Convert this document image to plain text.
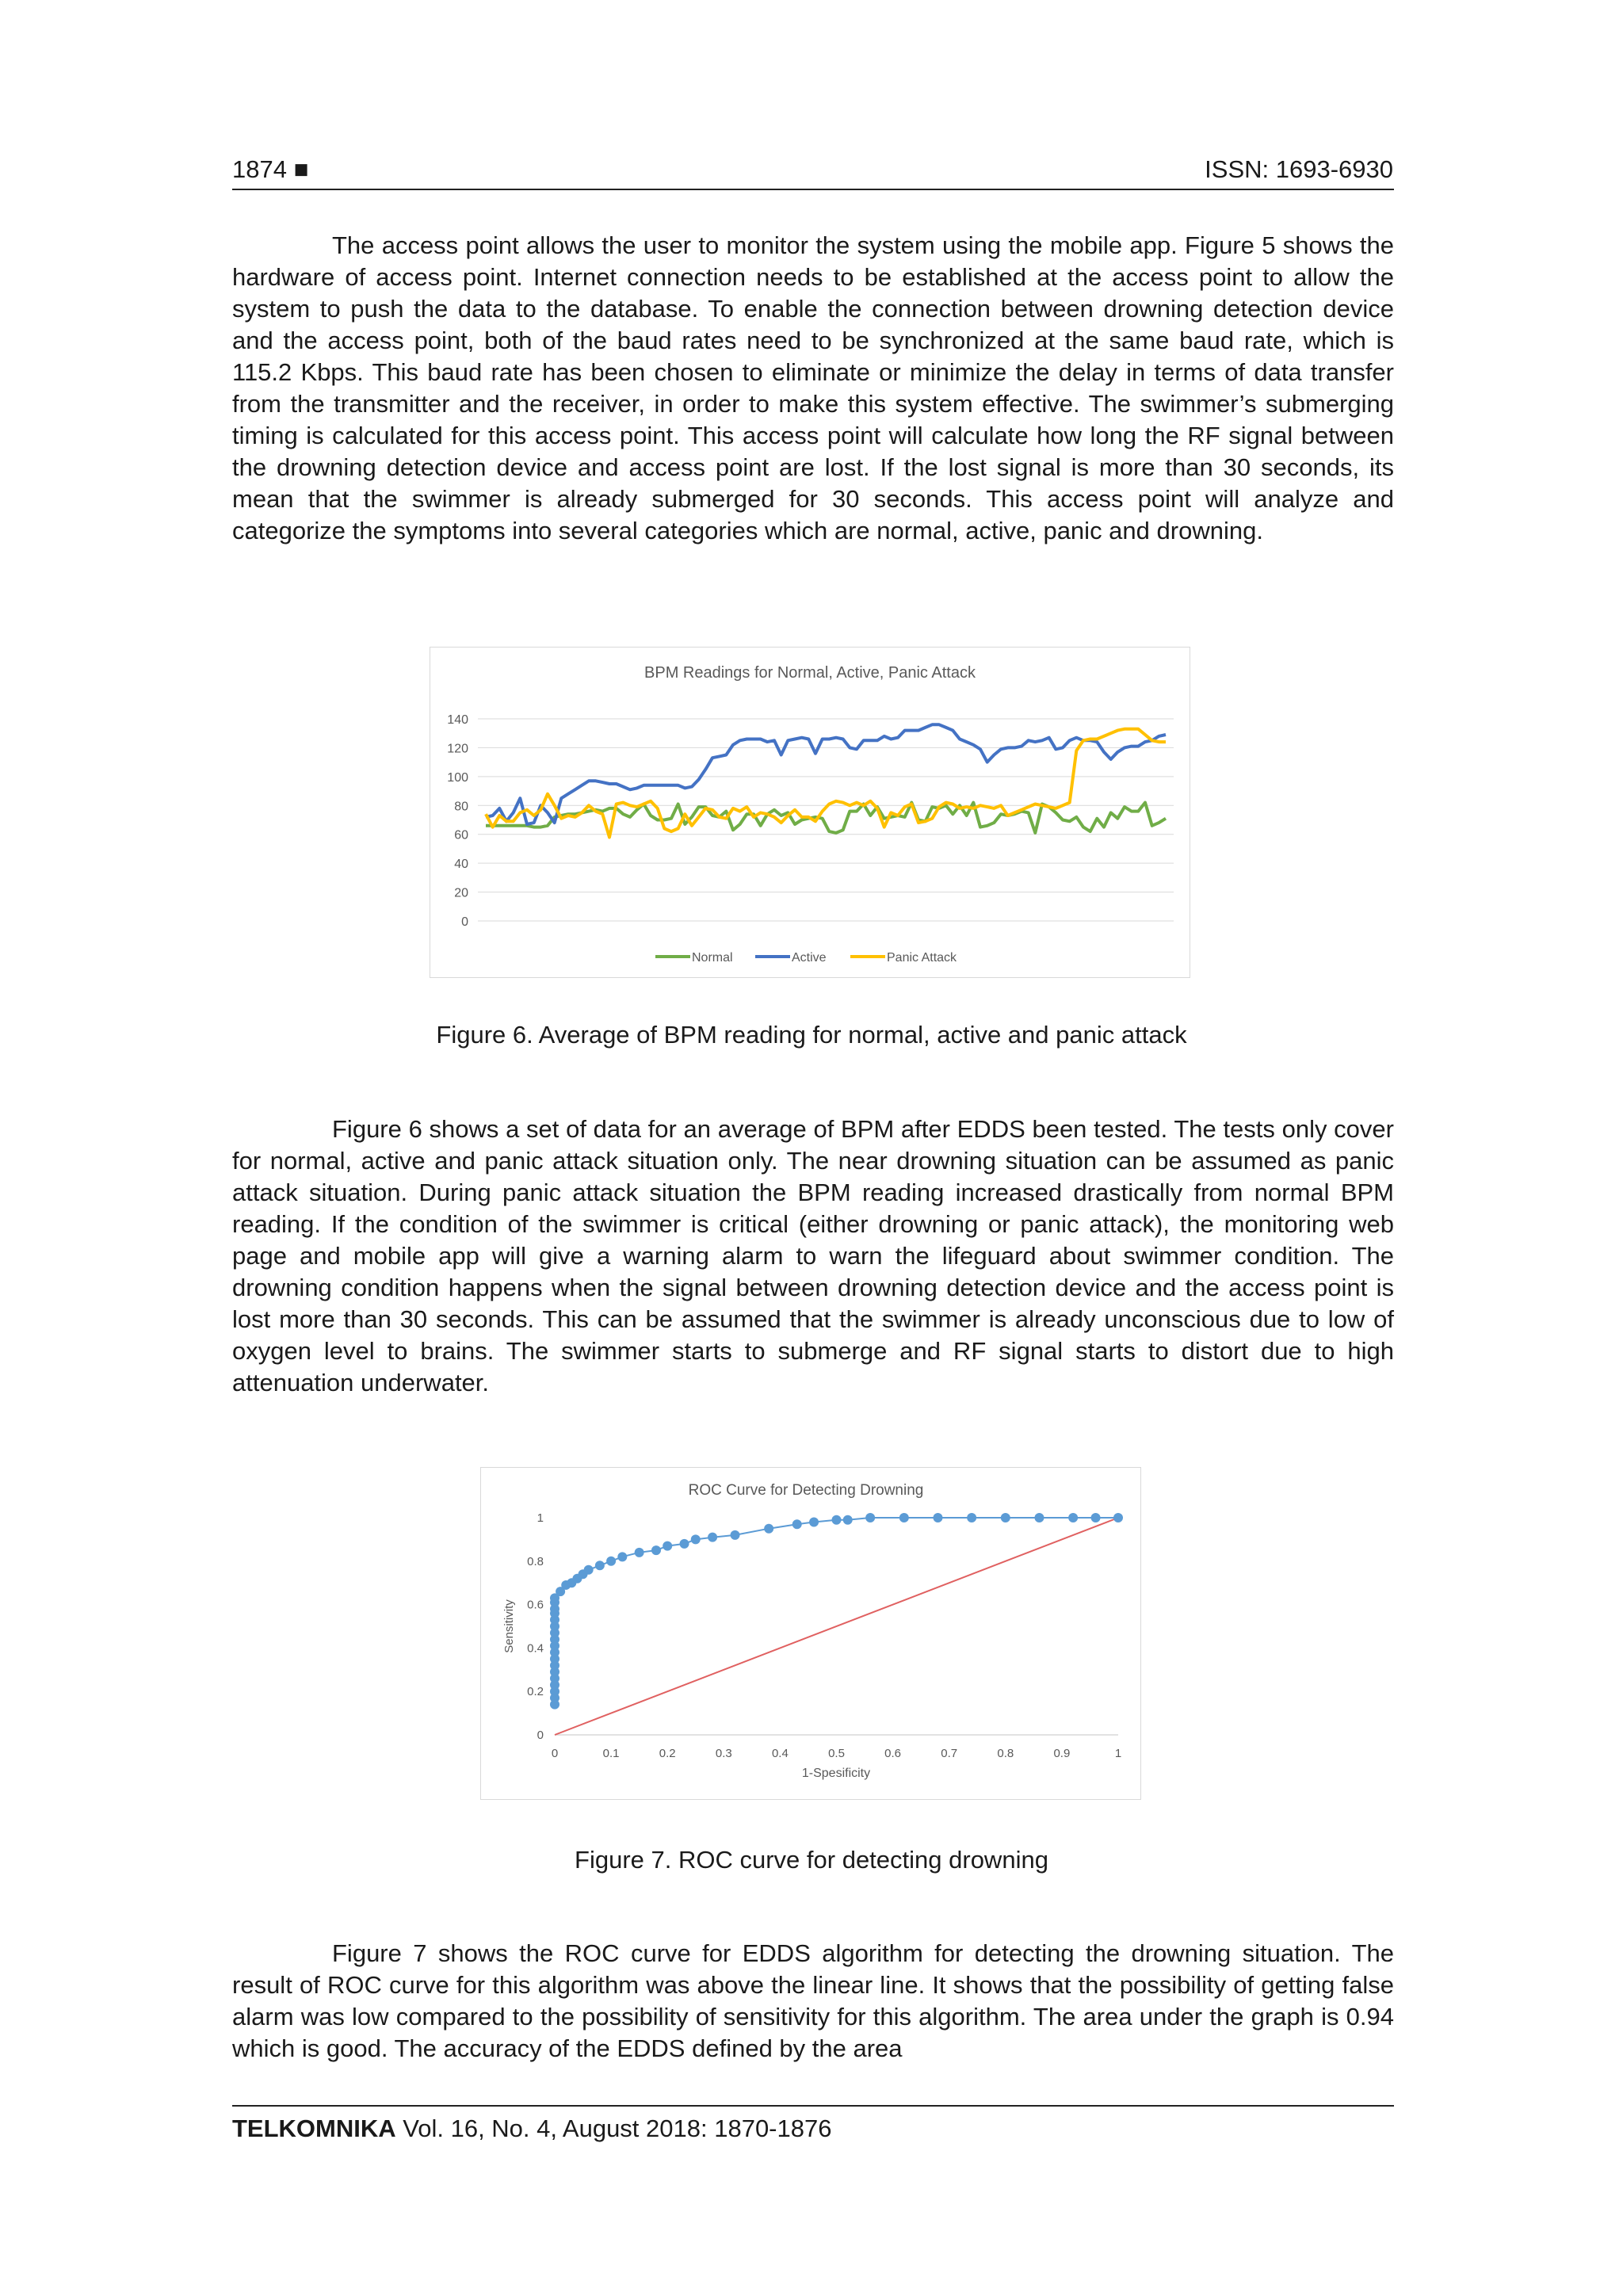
1874 ■	ISSN: 1693-6930

The access point allows the user to monitor the system using the mobile app. Figure 5 shows the hardware of access point. Internet connection needs to be established at the access point to allow the system to push the data to the database. To enable the connection between drowning detection device and the access point, both of the baud rates need to be synchronized at the same baud rate, which is 115.2 Kbps. This baud rate has been chosen to eliminate or minimize the delay in terms of data transfer from the transmitter and the receiver, in order to make this system effective. The swimmer’s submerging timing is calculated for this access point. This access point will calculate how long the RF signal between the drowning detection device and access point are lost. If the lost signal is more than 30 seconds, its mean that the swimmer is already submerged for 30 seconds. This access point will analyze and categorize the symptoms into several categories which are normal, active, panic and drowning.

0
20
40
60
80
100
120
140
Normal	Active	Panic Attack
BPM Readings for Normal, Active, Panic Attack
Figure 6. Average of BPM reading for normal, active and panic attack

Figure 6 shows a set of data for an average of BPM after EDDS been tested. The tests only cover for normal, active and panic attack situation only. The near drowning situation can be assumed as panic attack situation. During panic attack situation the BPM reading increased drastically from normal BPM reading. If the condition of the swimmer is critical (either drowning or panic attack), the monitoring web page and mobile app will give a warning alarm to warn the lifeguard about swimmer condition. The drowning condition happens when the signal between drowning detection device and the access point is lost more than 30 seconds. This can be assumed that the swimmer is already unconscious due to low of oxygen level to brains. The swimmer starts to submerge and RF signal starts to distort due to high attenuation underwater.

0
0.2
0.4
0.6
0.8
1
0	0.1	0.2	0.3	0.4	0.5	0.6	0.7	0.8	0.9	1
ROC Curve for Detecting Drowning
1-Spesificity
Sensitivity
Figure 7. ROC curve for detecting drowning

Figure 7 shows the ROC curve for EDDS algorithm for detecting the drowning situation. The result of ROC curve for this algorithm was above the linear line. It shows that the possibility of getting false alarm was low compared to the possibility of sensitivity for this algorithm. The area under the graph is 0.94 which is good. The accuracy of the EDDS defined by the area

TELKOMNIKA Vol. 16, No. 4, August 2018: 1870-1876
